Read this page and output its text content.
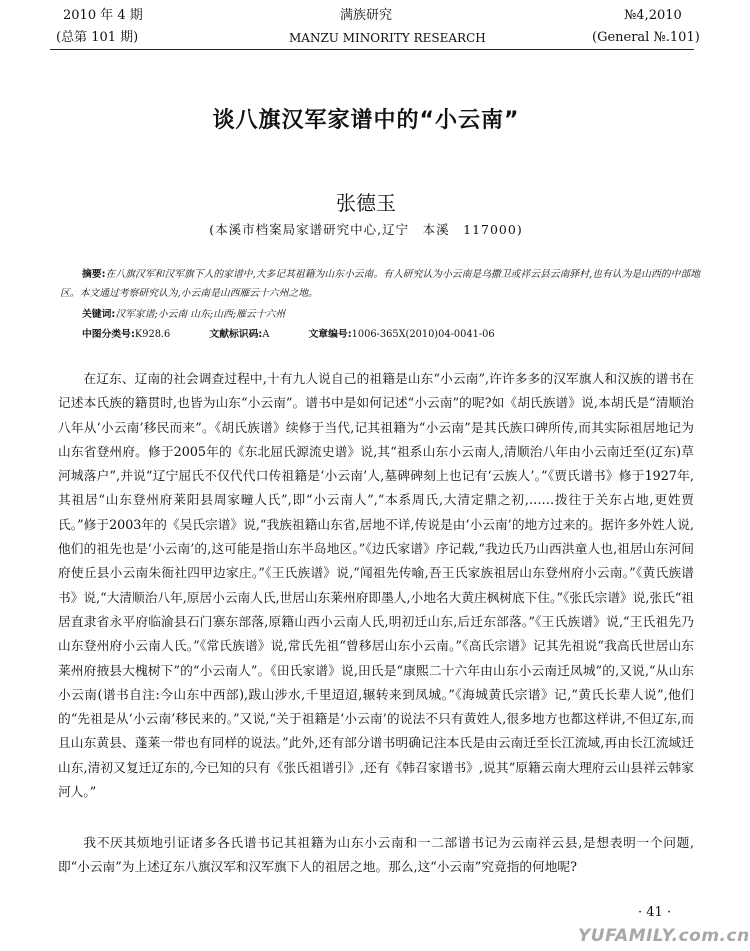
2010 年 4 期
(总第 101 期)
满族研究
MANZU MINORITY RESEARCH
№4,2010
(General №.101)
谈八旗汉军家谱中的“小云南”
张德玉
(本溪市档案局家谱研究中心,辽宁　本溪　117000)
摘要:在八旗汉军和汉军旗下人的家谱中,大多记其祖籍为山东小云南。有人研究认为小云南是乌撒卫或祥云县云南驿村,也有认为是山西的中部地区。本文通过考察研究认为,小云南是山西雁云十六州之地。
关键词:汉军家谱;小云南 山东;山西;雁云十六州
中图分类号:K928.6	文献标识码:A	文章编号:1006-365X(2010)04-0041-06

在辽东、辽南的社会调查过程中,十有九人说自己的祖籍是山东“小云南”,许许多多的汉军旗人和汉族的谱书在记述本氏族的籍贯时,也皆为山东“小云南”。谱书中是如何记述“小云南”的呢?如《胡氏族谱》说,本胡氏是“清顺治八年从‘小云南’移民而来”。《胡氏族谱》续修于当代,记其祖籍为“小云南”是其氏族口碑所传,而其实际祖居地记为山东省登州府。修于2005年的《东北屈氏源流史谱》说,其“祖系山东小云南人,清顺治八年由小云南迁至(辽东)草河城落户”,并说“辽宁屈氏不仅代代口传祖籍是‘小云南’人,墓碑碑刻上也记有‘云族人’。”《贾氏谱书》修于1927年,其祖居“山东登州府莱阳县周家疃人氏”,即“小云南人”,“本系周氏,大清定鼎之初,……拨往于关东占地,更姓贾氏。”修于2003年的《吴氏宗谱》说,“我族祖籍山东省,居地不详,传说是由‘小云南’的地方过来的。据许多外姓人说,他们的祖先也是‘小云南’的,这可能是指山东半岛地区。”《边氏家谱》序记载,“我边氏乃山西洪童人也,祖居山东河间府使丘县小云南朱衙社四甲边家庄。”《王氏族谱》说,“闻祖先传喻,吾王氏家族祖居山东登州府小云南。”《黄氏族谱书》说,“大清顺治八年,原居小云南人氏,世居山东莱州府即墨人,小地名大黄庄枫树底下住。”《张氏宗谱》说,张氏“祖居直隶省永平府临渝县石门寨东部落,原籍山西小云南人氏,明初迁山东,后迁东部落。”《王氏族谱》说,“王氏祖先乃山东登州府小云南人氏。”《常氏族谱》说,常氏先祖“曾移居山东小云南。”《高氏宗谱》记其先祖说“我高氏世居山东莱州府掖县大槐树下”的“小云南人”。《田氏家谱》说,田氏是“康熙二十六年由山东小云南迁凤城”的,又说,“从山东小云南(谱书自注:今山东中西部),跋山涉水,千里迢迢,辗转来到凤城。”《海城黄氏宗谱》记,“黄氏长辈人说”,他们的“先祖是从‘小云南’移民来的。”又说,“关于祖籍是‘小云南’的说法不只有黄姓人,很多地方也都这样讲,不但辽东,而且山东黄县、蓬莱一带也有同样的说法。”此外,还有部分谱书明确记注本氏是由云南迁至长江流域,再由长江流域迁山东,清初又复迁辽东的,今已知的只有《张氏祖谱引》,还有《韩召家谱书》,说其“原籍云南大理府云山县祥云韩家河人。”

我不厌其烦地引证诸多各氏谱书记其祖籍为山东小云南和一二部谱书记为云南祥云县,是想表明一个问题,即“小云南”为上述辽东八旗汉军和汉军旗下人的祖居之地。那么,这“小云南”究竟指的何地呢?

· 41 ·
YUFAMILY.com.cn
